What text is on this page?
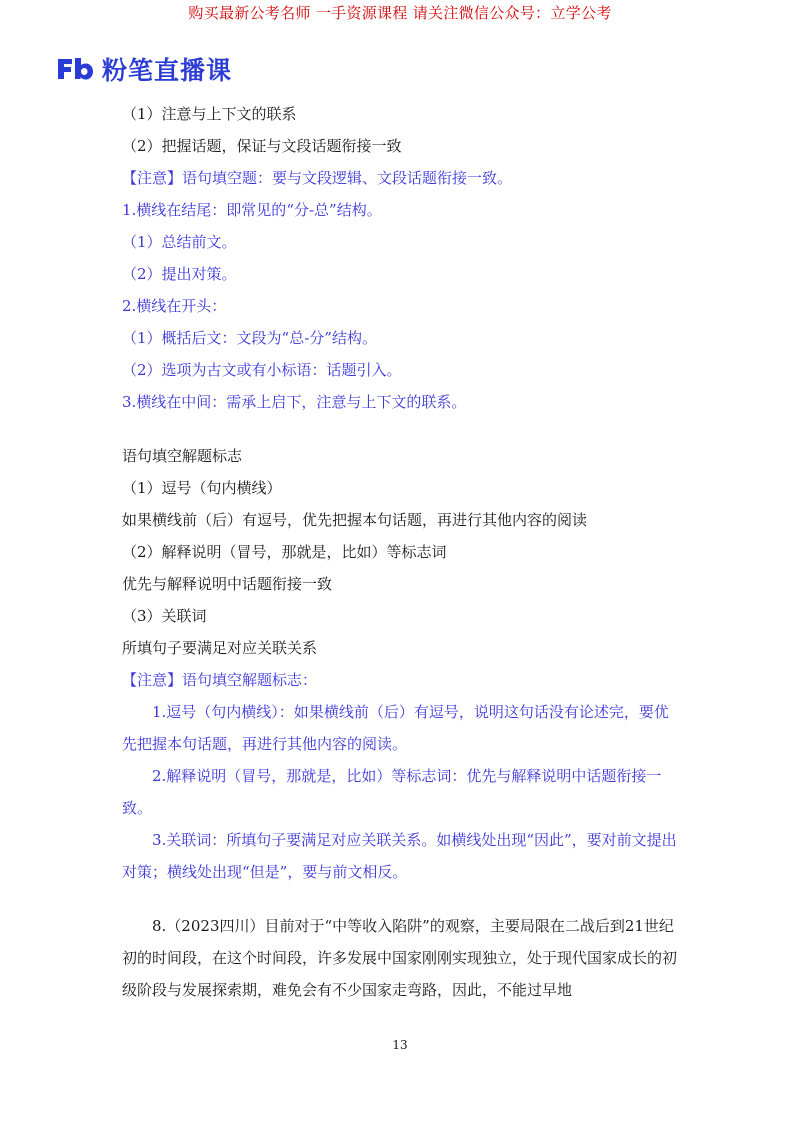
购买最新公考名师 一手资源课程 请关注微信公众号：立学公考
粉笔直播课
（1）注意与上下文的联系
（2）把握话题，保证与文段话题衔接一致
【注意】语句填空题：要与文段逻辑、文段话题衔接一致。
1.横线在结尾：即常见的“分-总”结构。
（1）总结前文。
（2）提出对策。
2.横线在开头：
（1）概括后文：文段为“总-分”结构。
（2）选项为古文或有小标语：话题引入。
3.横线在中间：需承上启下，注意与上下文的联系。
语句填空解题标志
（1）逗号（句内横线）
如果横线前（后）有逗号，优先把握本句话题，再进行其他内容的阅读
（2）解释说明（冒号，那就是，比如）等标志词
优先与解释说明中话题衔接一致
（3）关联词
所填句子要满足对应关联关系
【注意】语句填空解题标志：
1.逗号（句内横线）：如果横线前（后）有逗号，说明这句话没有论述完，要优先把握本句话题，再进行其他内容的阅读。
2.解释说明（冒号，那就是，比如）等标志词：优先与解释说明中话题衔接一致。
3.关联词：所填句子要满足对应关联关系。如横线处出现“因此”，要对前文提出对策；横线处出现“但是”，要与前文相反。
8.（2023四川）目前对于“中等收入陷阱”的观察，主要局限在二战后到21世纪初的时间段，在这个时间段，许多发展中国家刚刚实现独立，处于现代国家成长的初级阶段与发展探索期，难免会有不少国家走弯路，因此，不能过早地
13
